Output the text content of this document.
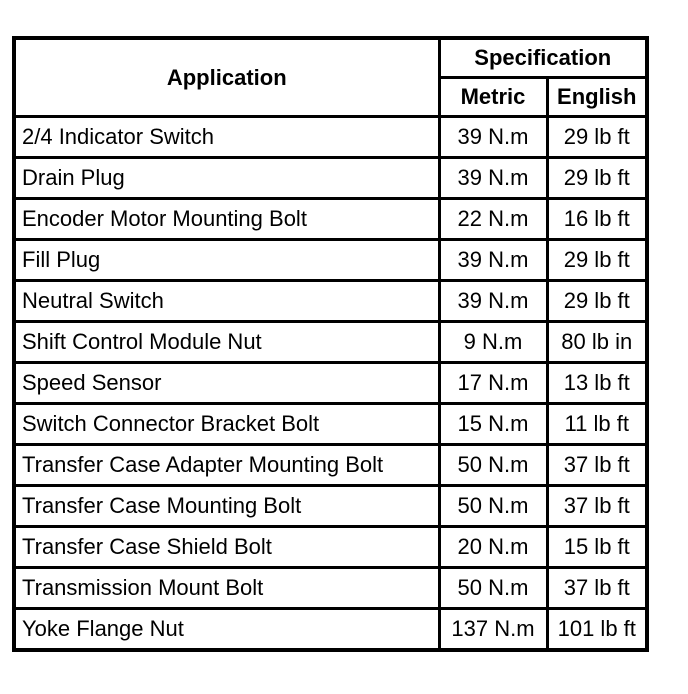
Application	Specification	
	Metric	English
2/4 Indicator Switch	39 N.m	29 lb ft
Drain Plug	39 N.m	29 lb ft
Encoder Motor Mounting Bolt	22 N.m	16 lb ft
Fill Plug	39 N.m	29 lb ft
Neutral Switch	39 N.m	29 lb ft
Shift Control Module Nut	9 N.m	80 lb in
Speed Sensor	17 N.m	13 lb ft
Switch Connector Bracket Bolt	15 N.m	11 lb ft
Transfer Case Adapter Mounting Bolt	50 N.m	37 lb ft
Transfer Case Mounting Bolt	50 N.m	37 lb ft
Transfer Case Shield Bolt	20 N.m	15 lb ft
Transmission Mount Bolt	50 N.m	37 lb ft
Yoke Flange Nut	137 N.m	101 lb ft
